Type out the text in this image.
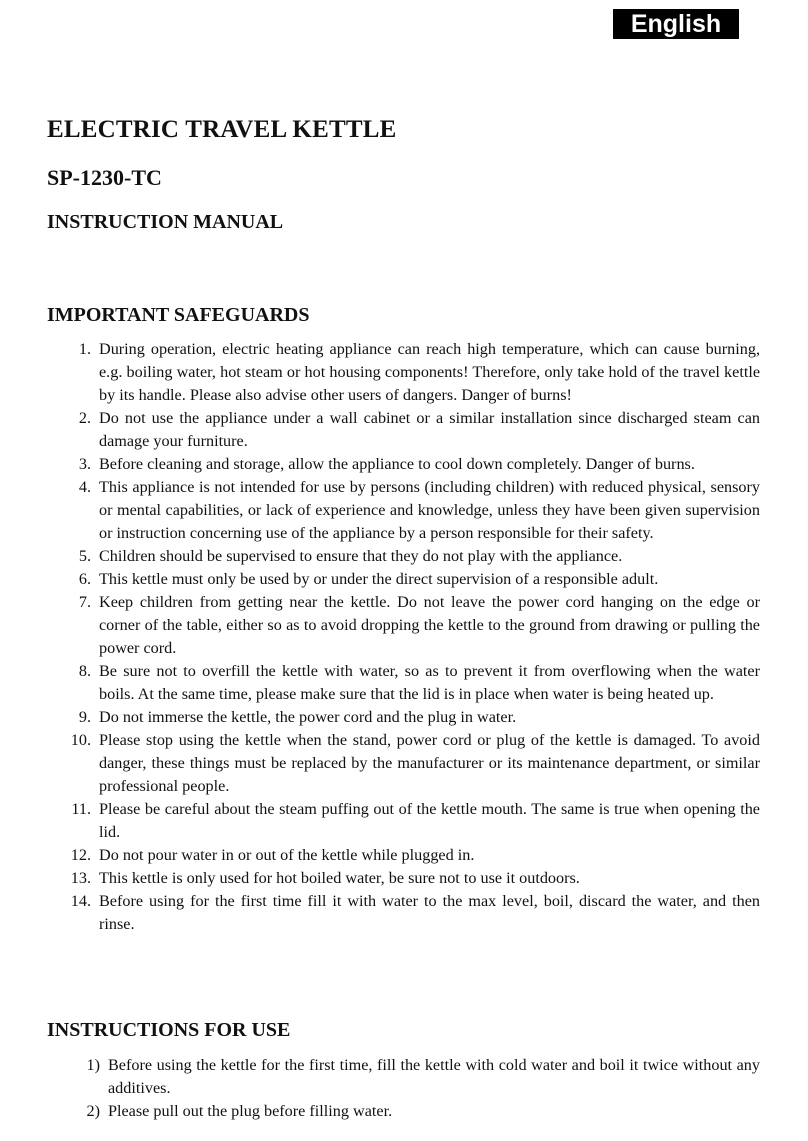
English
ELECTRIC TRAVEL KETTLE
SP-1230-TC
INSTRUCTION MANUAL
IMPORTANT SAFEGUARDS
1. During operation, electric heating appliance can reach high temperature, which can cause burning, e.g. boiling water, hot steam or hot housing components! Therefore, only take hold of the travel kettle by its handle. Please also advise other users of dangers. Danger of burns!
2. Do not use the appliance under a wall cabinet or a similar installation since discharged steam can damage your furniture.
3. Before cleaning and storage, allow the appliance to cool down completely. Danger of burns.
4. This appliance is not intended for use by persons (including children) with reduced physical, sensory or mental capabilities, or lack of experience and knowledge, unless they have been given supervision or instruction concerning use of the appliance by a person responsible for their safety.
5. Children should be supervised to ensure that they do not play with the appliance.
6. This kettle must only be used by or under the direct supervision of a responsible adult.
7. Keep children from getting near the kettle. Do not leave the power cord hanging on the edge or corner of the table, either so as to avoid dropping the kettle to the ground from drawing or pulling the power cord.
8. Be sure not to overfill the kettle with water, so as to prevent it from overflowing when the water boils. At the same time, please make sure that the lid is in place when water is being heated up.
9. Do not immerse the kettle, the power cord and the plug in water.
10. Please stop using the kettle when the stand, power cord or plug of the kettle is damaged. To avoid danger, these things must be replaced by the manufacturer or its maintenance department, or similar professional people.
11. Please be careful about the steam puffing out of the kettle mouth. The same is true when opening the lid.
12. Do not pour water in or out of the kettle while plugged in.
13. This kettle is only used for hot boiled water, be sure not to use it outdoors.
14. Before using for the first time fill it with water to the max level, boil, discard the water, and then rinse.
INSTRUCTIONS FOR USE
1) Before using the kettle for the first time, fill the kettle with cold water and boil it twice without any additives.
2) Please pull out the plug before filling water.
